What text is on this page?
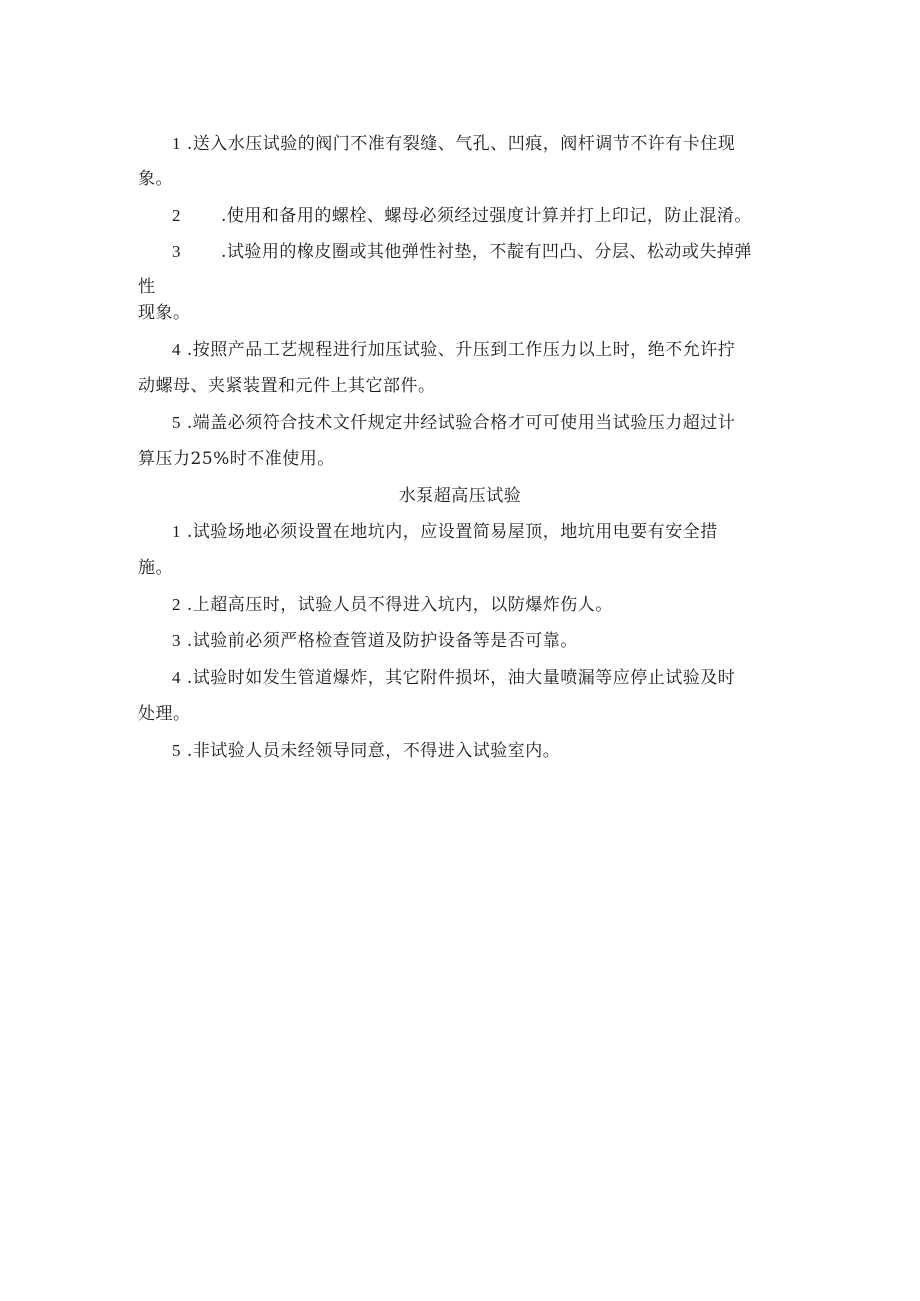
1 .送入水压试验的阀门不准有裂缝、气孔、凹痕，阀杆调节不许有卡住现
象。
2 .使用和备用的螺栓、螺母必须经过强度计算并打上印记，防止混淆。
3 .试验用的橡皮圈或其他弹性衬垫，不靛有凹凸、分层、松动或失掉弹
性
现象。
4 .按照产品工艺规程进行加压试验、升压到工作压力以上时，绝不允许拧
动螺母、夹紧装置和元件上其它部件。
5 .端盖必须符合技术文仟规定井经试验合格才可可使用当试验压力超过计
算压力25%时不准使用。
水泵超高压试验
1 .试验场地必须设置在地坑内，应设置简易屋顶，地坑用电要有安全措
施。
2 .上超高压时，试验人员不得进入坑内，以防爆炸伤人。
3 .试验前必须严格检查管道及防护设备等是否可靠。
4 .试验时如发生管道爆炸，其它附件损坏，油大量喷漏等应停止试验及时
处理。
5 .非试验人员未经领导同意，不得进入试验室内。
